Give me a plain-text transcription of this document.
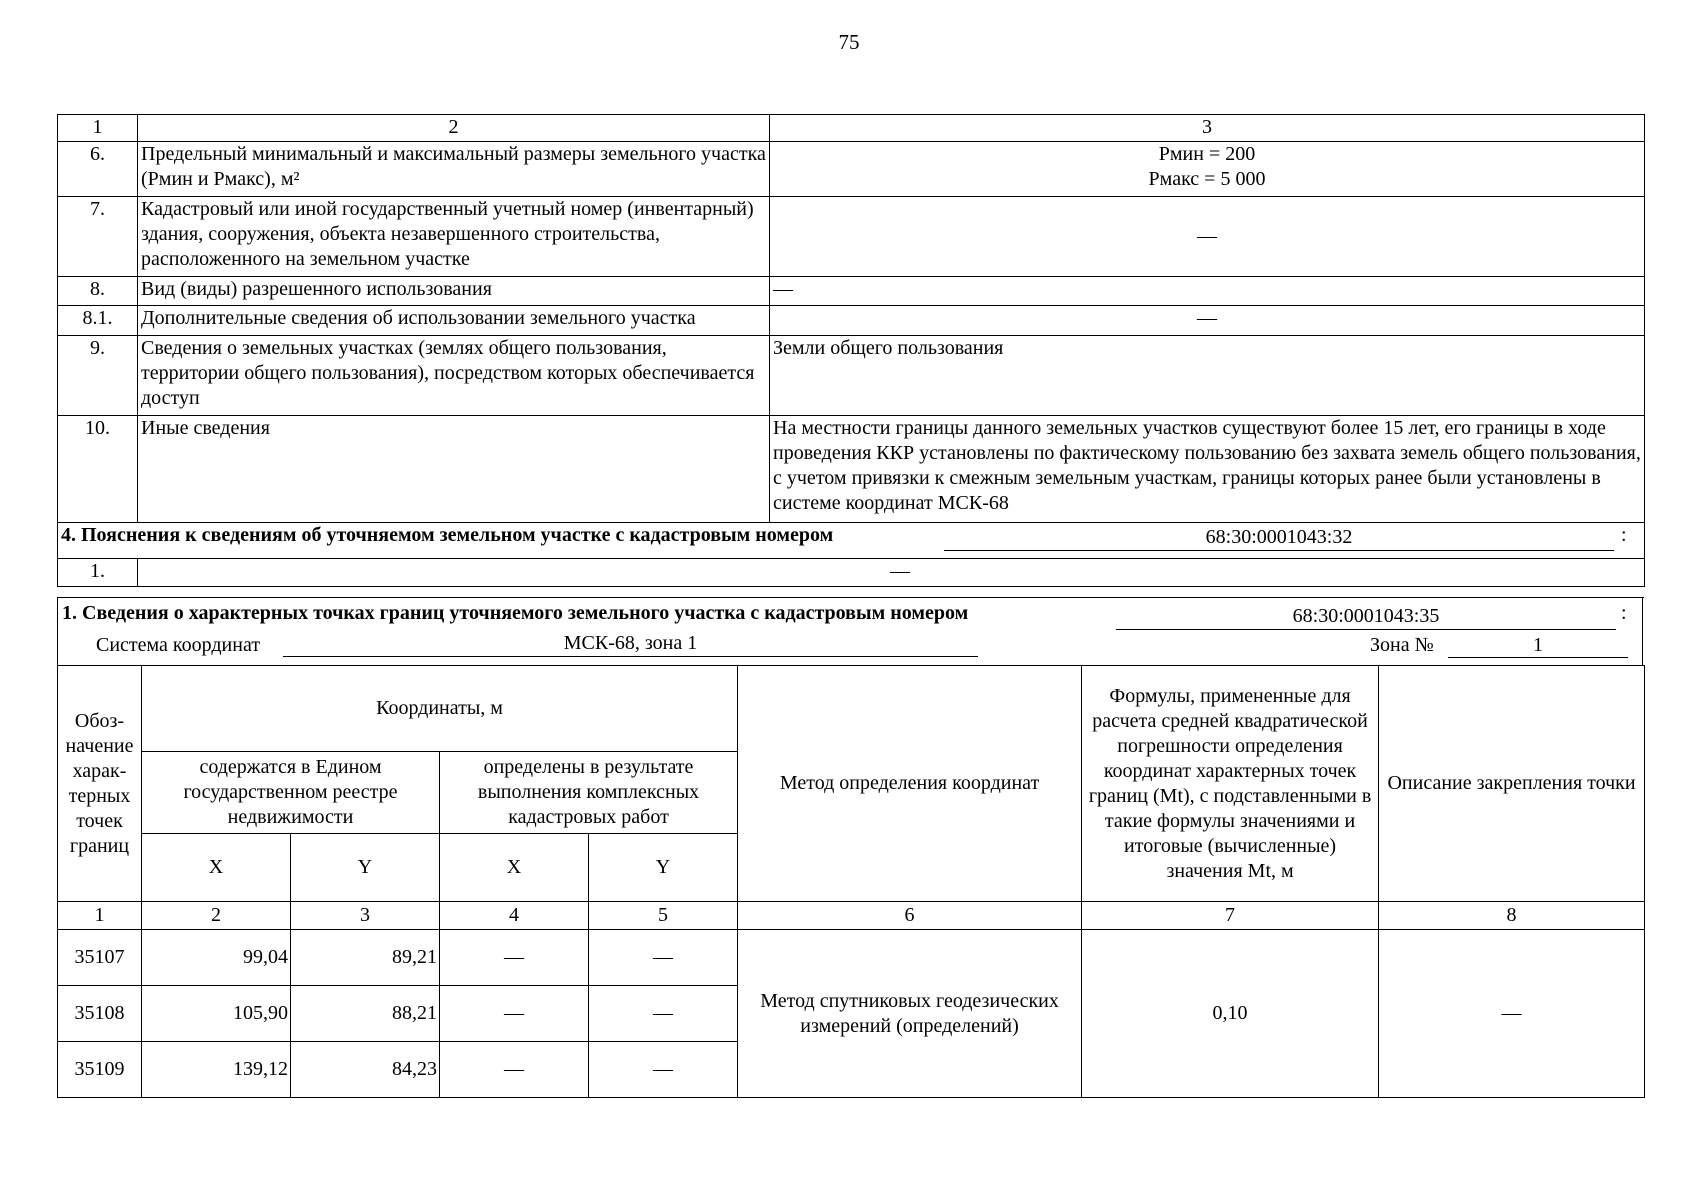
75
1	2	3
6.	Предельный минимальный и максимальный размеры земельного участка (Pмин и Pмакс), м²	Pмин = 200
Pмакс = 5 000

7.	Кадастровый или иной государственный учетный номер (инвентарный) здания, сооружения, объекта незавершенного строительства, расположенного на земельном участке	—
8.	Вид (виды) разрешенного использования	—
8.1.	Дополнительные сведения об использовании земельного участка	—
9.	Сведения о земельных участках (землях общего пользования, территории общего пользования), посредством которых обеспечивается доступ	Земли общего пользования
10.	Иные сведения	На местности границы данного земельных участков существуют более 15 лет, его границы в ходе проведения ККР установлены по фактическому пользованию без захвата земель общего пользования, с учетом привязки к смежным земельным участкам, границы которых ранее были установлены в системе координат МСК-68
4. Пояснения к сведениям об уточняемом земельном участке с кадастровым номером 68:30:0001043:32 :		

1.	—	
1. Сведения о характерных точках границ уточняемого земельного участка с кадастровым номером	68:30:0001043:35	:
Система координат	МСК-68, зона 1	Зона №	1
Обоз-начение харак-терных точек границ	Координаты, м				Метод определения координат	Формулы, примененные для расчета средней квадратической погрешности определения координат характерных точек границ (Mt), с подставленными в такие формулы значениями и итоговые (вычисленные) значения Mt, м	Описание закрепления точки
	содержатся в Едином государственном реестре недвижимости		определены в результате выполнения комплексных кадастровых работ				
	X	Y	X	Y			
1	2	3	4	5	6	7	8
35107	99,04	89,21	—	—	Метод спутниковых геодезических измерений (определений)	0,10	—
35108	105,90	88,21	—	—			
35109	139,12	84,23	—	—			
